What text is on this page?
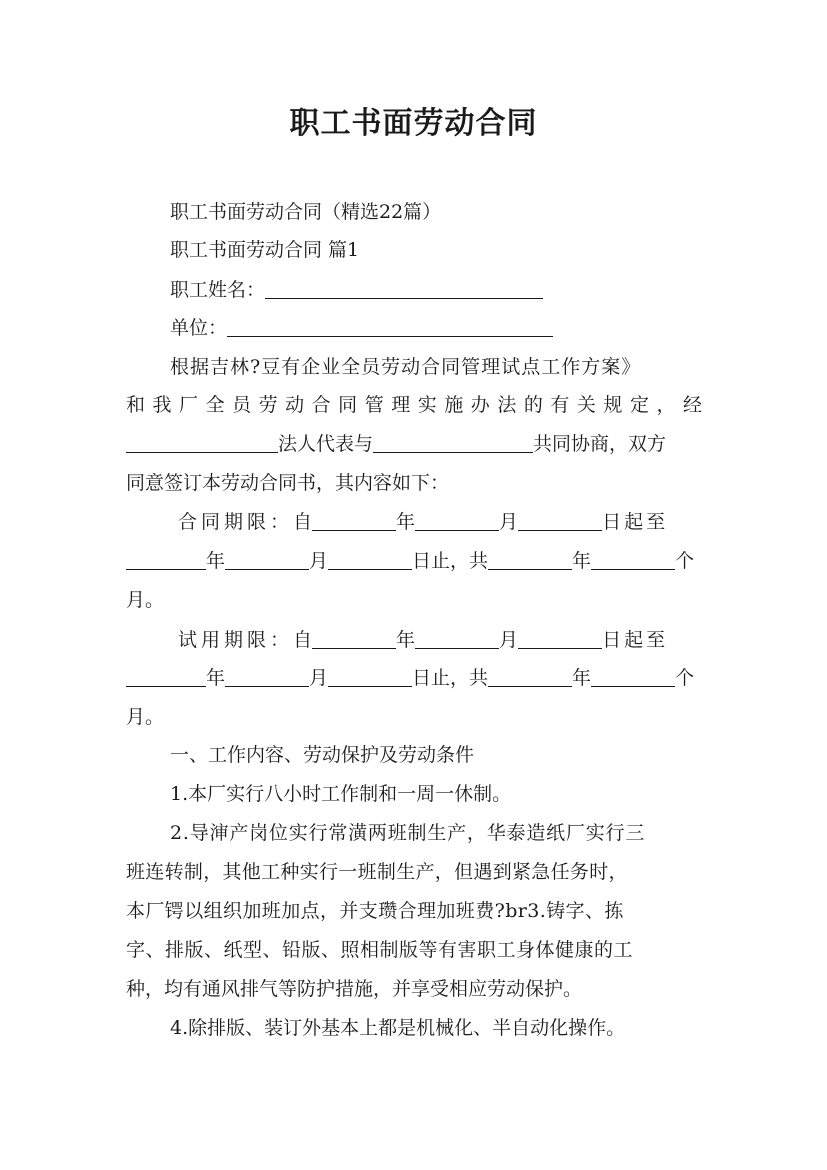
职工书面劳动合同
职工书面劳动合同（精选22篇）
职工书面劳动合同 篇1
职工姓名：
单位：
根据吉林?豆有企业全员劳动合同管理试点工作方案》
和我厂全员劳动合同管理实施办法的有关规定，经
法人代表与	共同协商，双方
同意签订本劳动合同书，其内容如下：
合同期限：自	年	月	日起至
年	月	日止，共	年	个
月。
试用期限：自	年	月	日起至
年	月	日止，共	年	个
月。
一、工作内容、劳动保护及劳动条件
1.本厂实行八小时工作制和一周一休制。
2.导渖产岗位实行常潢两班制生产，华泰造纸厂实行三
班连转制，其他工种实行一班制生产，但遇到紧急任务时，
本厂锷以组织加班加点，并支瓒合理加班费?br3.铸字、拣
字、排版、纸型、铅版、照相制版等有害职工身体健康的工
种，均有通风排气等防护措施，并享受相应劳动保护。
4.除排版、装订外基本上都是机械化、半自动化操作。
